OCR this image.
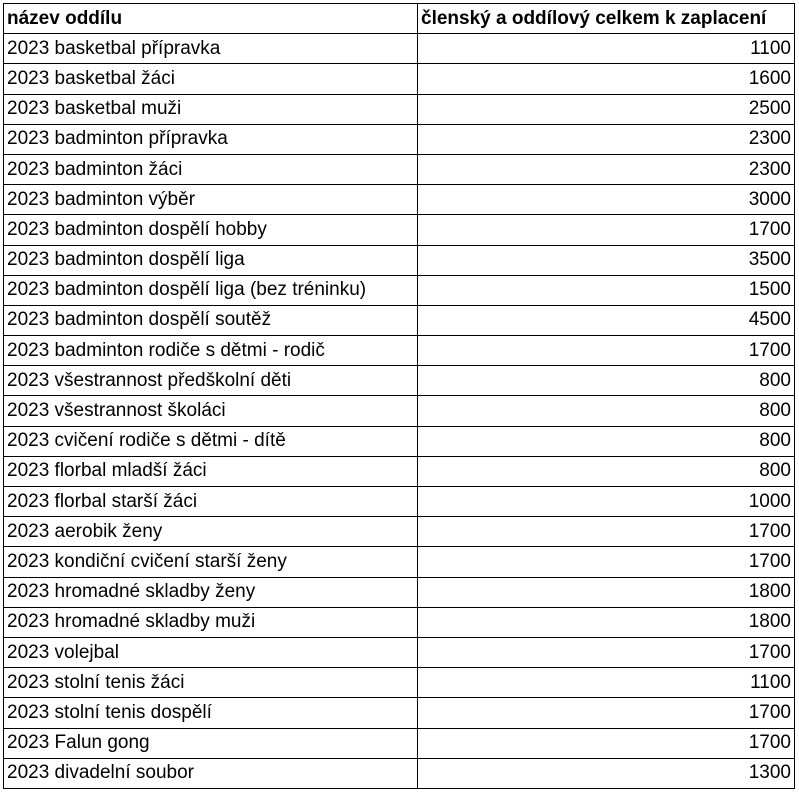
název oddílu	členský a oddílový celkem k zaplacení
2023 basketbal přípravka	1100
2023 basketbal žáci	1600
2023 basketbal muži	2500
2023 badminton přípravka	2300
2023 badminton žáci	2300
2023 badminton výběr	3000
2023 badminton dospělí hobby	1700
2023 badminton dospělí liga	3500
2023 badminton dospělí liga (bez tréninku)	1500
2023 badminton dospělí soutěž	4500
2023 badminton rodiče s dětmi - rodič	1700
2023 všestrannost předškolní děti	800
2023 všestrannost školáci	800
2023 cvičení rodiče s dětmi - dítě	800
2023 florbal mladší žáci	800
2023 florbal starší žáci	1000
2023 aerobik ženy	1700
2023 kondiční cvičení starší ženy	1700
2023 hromadné skladby ženy	1800
2023 hromadné skladby muži	1800
2023 volejbal	1700
2023 stolní tenis žáci	1100
2023 stolní tenis dospělí	1700
2023 Falun gong	1700
2023 divadelní soubor	1300
